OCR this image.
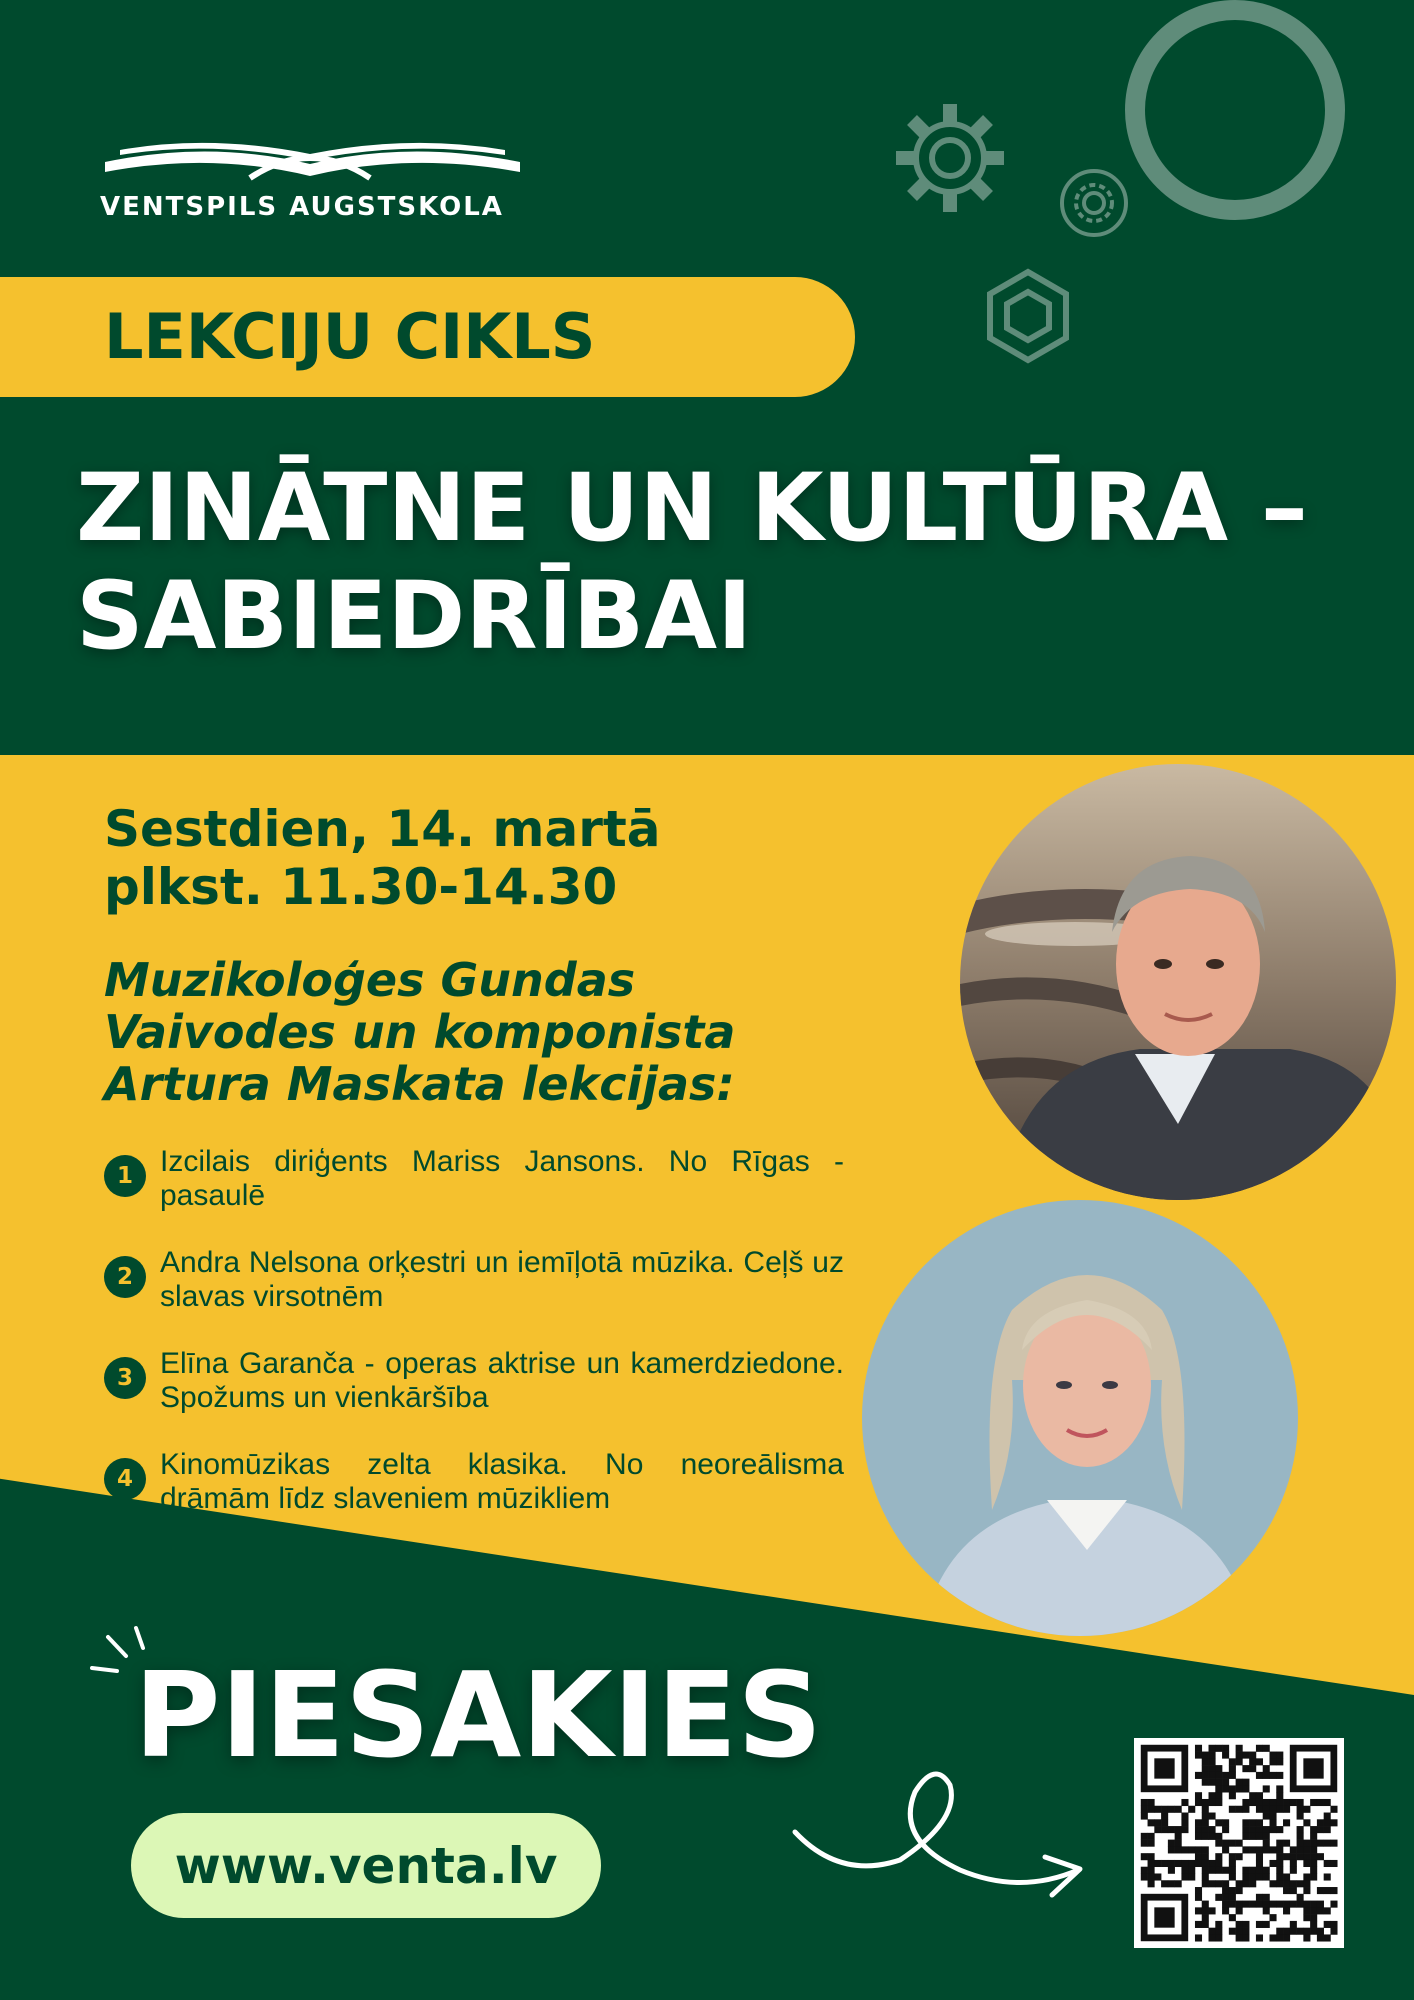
VENTSPILS AUGSTSKOLA
LEKCIJU CIKLS
ZINĀTNE UN KULTŪRA –
SABIEDRĪBAI
Sestdien, 14. martā
plkst. 11.30-14.30
Muzikoloģes Gundas
Vaivodes un komponista
Artura Maskata lekcijas:
1 Izcilais diriģents Mariss Jansons. No Rīgas - pasaulē
2 Andra Nelsona orķestri un iemīļotā mūzika. Ceļš uz slavas virsotnēm
3 Elīna Garanča - operas aktrise un kamerdziedone. Spožums un vienkāršība
4 Kinomūzikas zelta klasika. No neoreālisma drāmām līdz slaveniem mūzikliem
PIESAKIES
www.venta.lv
